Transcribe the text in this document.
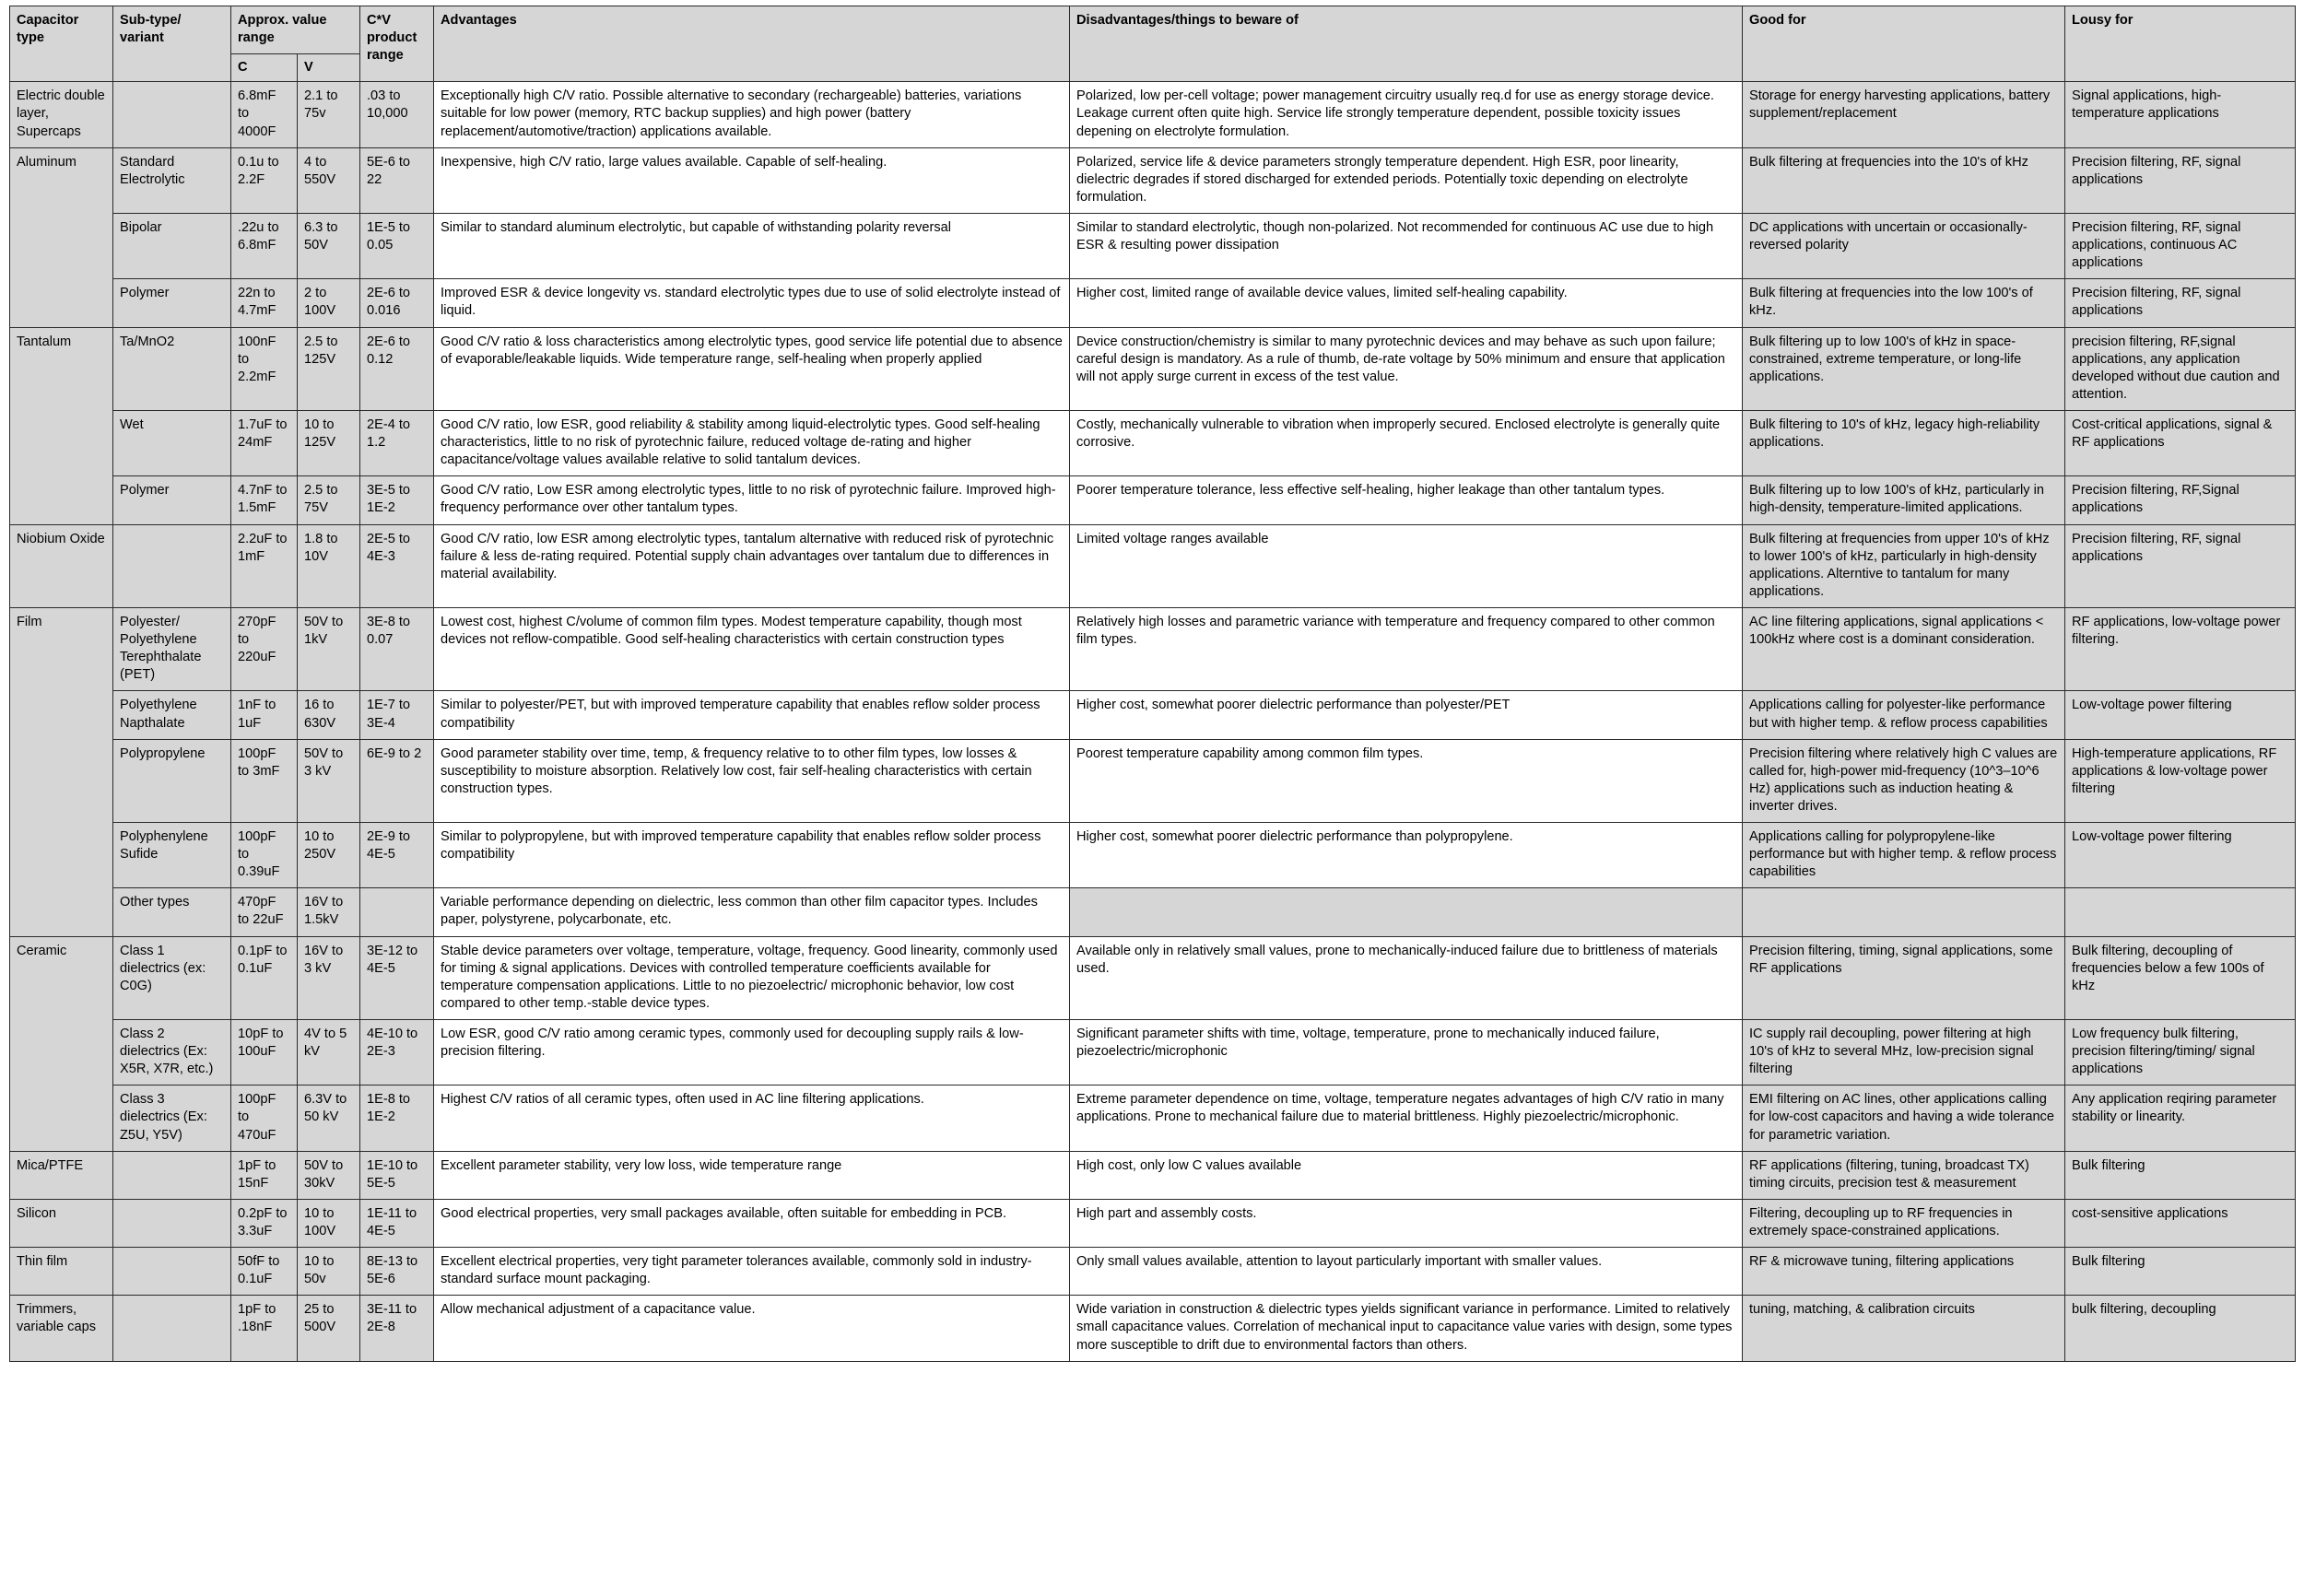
Capacitor type	Sub-type/ variant	Approx. value range		C*V product range	Advantages	Disadvantages/things to beware of	Good for	Lousy for
		C	V					
Electric double layer, Supercaps		6.8mF to 4000F	2.1 to 75v	.03 to 10,000	Exceptionally high C/V ratio. Possible alternative to secondary (rechargeable) batteries, variations suitable for low power (memory, RTC backup supplies) and high power (battery replacement/automotive/traction) applications available.	Polarized, low per-cell voltage; power management circuitry usually req.d for use as energy storage device. Leakage current often quite high. Service life strongly temperature dependent, possible toxicity issues depening on electrolyte formulation.	Storage for energy harvesting applications, battery supplement/replacement	Signal applications, high-temperature applications
Aluminum	Standard Electrolytic	0.1u to 2.2F	4 to 550V	5E-6 to 22	Inexpensive, high C/V ratio, large values available. Capable of self-healing.	Polarized, service life & device parameters strongly temperature dependent. High ESR, poor linearity, dielectric degrades if stored discharged for extended periods. Potentially toxic depending on electrolyte formulation.	Bulk filtering at frequencies into the 10's of kHz	Precision filtering, RF, signal applications
	Bipolar	.22u to 6.8mF	6.3 to 50V	1E-5 to 0.05	Similar to standard aluminum electrolytic, but capable of withstanding polarity reversal	Similar to standard electrolytic, though non-polarized. Not recommended for continuous AC use due to high ESR & resulting power dissipation	DC applications with uncertain or occasionally-reversed polarity	Precision filtering, RF, signal applications, continuous AC applications
	Polymer	22n to 4.7mF	2 to 100V	2E-6 to 0.016	Improved ESR & device longevity vs. standard electrolytic types due to use of solid electrolyte instead of liquid.	Higher cost, limited range of available device values, limited self-healing capability.	Bulk filtering at frequencies into the low 100's of kHz.	Precision filtering, RF, signal applications
Tantalum	Ta/MnO2	100nF to 2.2mF	2.5 to 125V	2E-6 to 0.12	Good C/V ratio & loss characteristics among electrolytic types, good service life potential due to absence of evaporable/leakable liquids. Wide temperature range, self-healing when properly applied	Device construction/chemistry is similar to many pyrotechnic devices and may behave as such upon failure; careful design is mandatory. As a rule of thumb, de-rate voltage by 50% minimum and ensure that application will not apply surge current in excess of the test value.	Bulk filtering up to low 100's of kHz in space-constrained, extreme temperature, or long-life applications.	precision filtering, RF,signal applications, any application developed without due caution and attention.
	Wet	1.7uF to 24mF	10 to 125V	2E-4 to 1.2	Good C/V ratio, low ESR, good reliability & stability among liquid-electrolytic types. Good self-healing characteristics, little to no risk of pyrotechnic failure, reduced voltage de-rating and higher capacitance/voltage values available relative to solid tantalum devices.	Costly, mechanically vulnerable to vibration when improperly secured. Enclosed electrolyte is generally quite corrosive.	Bulk filtering to 10's of kHz, legacy high-reliability applications.	Cost-critical applications, signal & RF applications
	Polymer	4.7nF to 1.5mF	2.5 to 75V	3E-5 to 1E-2	Good C/V ratio, Low ESR among electrolytic types, little to no risk of pyrotechnic failure. Improved high-frequency performance over other tantalum types.	Poorer temperature tolerance, less effective self-healing, higher leakage than other tantalum types.	Bulk filtering up to low 100's of kHz, particularly in high-density, temperature-limited applications.	Precision filtering, RF,Signal applications
Niobium Oxide		2.2uF to 1mF	1.8 to 10V	2E-5 to 4E-3	Good C/V ratio, low ESR among electrolytic types, tantalum alternative with reduced risk of pyrotechnic failure & less de-rating required. Potential supply chain advantages over tantalum due to differences in material availability.	Limited voltage ranges available	Bulk filtering at frequencies from upper 10's of kHz to lower 100's of kHz, particularly in high-density applications. Alterntive to tantalum for many applications.	Precision filtering, RF, signal applications
Film	Polyester/ Polyethylene Terephthalate (PET)	270pF to 220uF	50V to 1kV	3E-8 to 0.07	Lowest cost, highest C/volume of common film types. Modest temperature capability, though most devices not reflow-compatible. Good self-healing characteristics with certain construction types	Relatively high losses and parametric variance with temperature and frequency compared to other common film types.	AC line filtering applications, signal applications < 100kHz where cost is a dominant consideration.	RF applications, low-voltage power filtering.
	Polyethylene Napthalate	1nF to 1uF	16 to 630V	1E-7 to 3E-4	Similar to polyester/PET, but with improved temperature capability that enables reflow solder process compatibility	Higher cost, somewhat poorer dielectric performance than polyester/PET	Applications calling for polyester-like performance but with higher temp. & reflow process capabilities	Low-voltage power filtering
	Polypropylene	100pF to 3mF	50V to 3 kV	6E-9 to 2	Good parameter stability over time, temp, & frequency relative to to other film types, low losses & susceptibility to moisture absorption. Relatively low cost, fair self-healing characteristics with certain construction types.	Poorest temperature capability among common film types.	Precision filtering where relatively high C values are called for, high-power mid-frequency (10^3–10^6 Hz) applications such as induction heating & inverter drives.	High-temperature applications, RF applications & low-voltage power filtering
	Polyphenylene Sufide	100pF to 0.39uF	10 to 250V	2E-9 to 4E-5	Similar to polypropylene, but with improved temperature capability that enables reflow solder process compatibility	Higher cost, somewhat poorer dielectric performance than polypropylene.	Applications calling for polypropylene-like performance but with higher temp. & reflow process capabilities	Low-voltage power filtering
	Other types	470pF to 22uF	16V to 1.5kV		Variable performance depending on dielectric, less common than other film capacitor types. Includes paper, polystyrene, polycarbonate, etc.			
Ceramic	Class 1 dielectrics (ex: C0G)	0.1pF to 0.1uF	16V to 3 kV	3E-12 to 4E-5	Stable device parameters over voltage, temperature, voltage, frequency. Good linearity, commonly used for timing & signal applications. Devices with controlled temperature coefficients available for temperature compensation applications. Little to no piezoelectric/ microphonic behavior, low cost compared to other temp.-stable device types.	Available only in relatively small values, prone to mechanically-induced failure due to brittleness of materials used.	Precision filtering, timing, signal applications, some RF applications	Bulk filtering, decoupling of frequencies below a few 100s of kHz
	Class 2 dielectrics (Ex: X5R, X7R, etc.)	10pF to 100uF	4V to 5 kV	4E-10 to 2E-3	Low ESR, good C/V ratio among ceramic types, commonly used for decoupling supply rails & low-precision filtering.	Significant parameter shifts with time, voltage, temperature, prone to mechanically induced failure, piezoelectric/microphonic	IC supply rail decoupling, power filtering at high 10's of kHz to several MHz, low-precision signal filtering	Low frequency bulk filtering, precision filtering/timing/ signal applications
	Class 3 dielectrics (Ex: Z5U, Y5V)	100pF to 470uF	6.3V to 50 kV	1E-8 to 1E-2	Highest C/V ratios of all ceramic types, often used in AC line filtering applications.	Extreme parameter dependence on time, voltage, temperature negates advantages of high C/V ratio in many applications. Prone to mechanical failure due to material brittleness. Highly piezoelectric/microphonic.	EMI filtering on AC lines, other applications calling for low-cost capacitors and having a wide tolerance for parametric variation.	Any application reqiring parameter stability or linearity.
Mica/PTFE		1pF to 15nF	50V to 30kV	1E-10 to 5E-5	Excellent parameter stability, very low loss, wide temperature range	High cost, only low C values available	RF applications (filtering, tuning, broadcast TX) timing circuits, precision test & measurement	Bulk filtering
Silicon		0.2pF to 3.3uF	10 to 100V	1E-11 to 4E-5	Good electrical properties, very small packages available, often suitable for embedding in PCB.	High part and assembly costs.	Filtering, decoupling up to RF frequencies in extremely space-constrained applications.	cost-sensitive applications
Thin film		50fF to 0.1uF	10 to 50v	8E-13 to 5E-6	Excellent electrical properties, very tight parameter tolerances available, commonly sold in industry-standard surface mount packaging.	Only small values available, attention to layout particularly important with smaller values.	RF & microwave tuning, filtering applications	Bulk filtering
Trimmers, variable caps		1pF to .18nF	25 to 500V	3E-11 to 2E-8	Allow mechanical adjustment of a capacitance value.	Wide variation in construction & dielectric types yields significant variance in performance. Limited to relatively small capacitance values. Correlation of mechanical input to capacitance value varies with design, some types more susceptible to drift due to environmental factors than others.	tuning, matching, & calibration circuits	bulk filtering, decoupling
